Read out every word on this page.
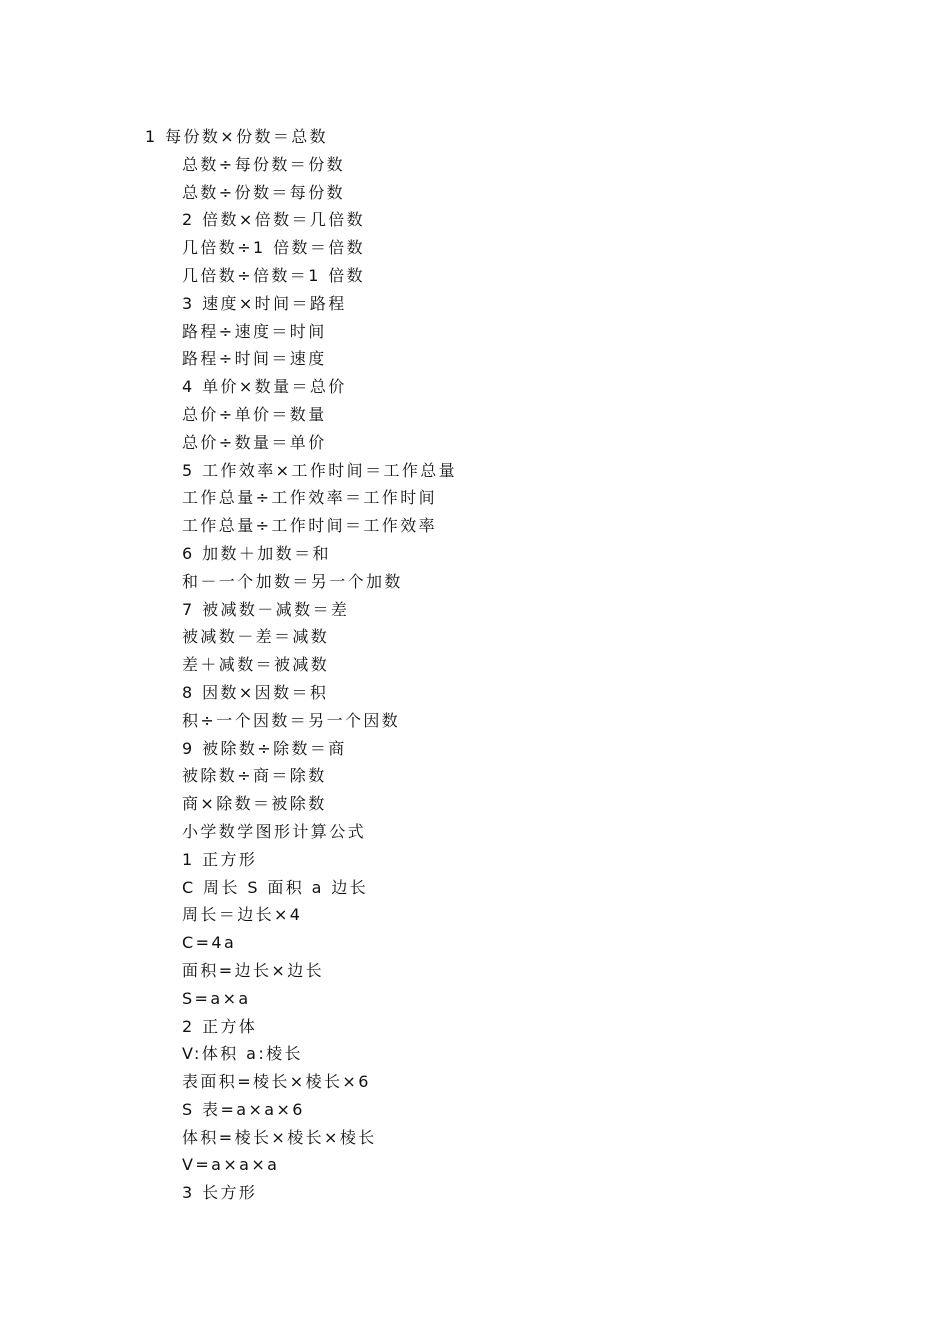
1 每份数×份数＝总数
总数÷每份数＝份数
总数÷份数＝每份数
2 倍数×倍数＝几倍数
几倍数÷1 倍数＝倍数
几倍数÷倍数＝1 倍数
3 速度×时间＝路程
路程÷速度＝时间
路程÷时间＝速度
4 单价×数量＝总价
总价÷单价＝数量
总价÷数量＝单价
5 工作效率×工作时间＝工作总量
工作总量÷工作效率＝工作时间
工作总量÷工作时间＝工作效率
6 加数＋加数＝和
和－一个加数＝另一个加数
7 被减数－减数＝差
被减数－差＝减数
差＋减数＝被减数
8 因数×因数＝积
积÷一个因数＝另一个因数
9 被除数÷除数＝商
被除数÷商＝除数
商×除数＝被除数
小学数学图形计算公式
1 正方形
C 周长 S 面积 a 边长
周长＝边长×4
C=4a
面积=边长×边长
S=a×a
2 正方体
V:体积 a:棱长
表面积=棱长×棱长×6
S 表=a×a×6
体积=棱长×棱长×棱长
V=a×a×a
3 长方形
